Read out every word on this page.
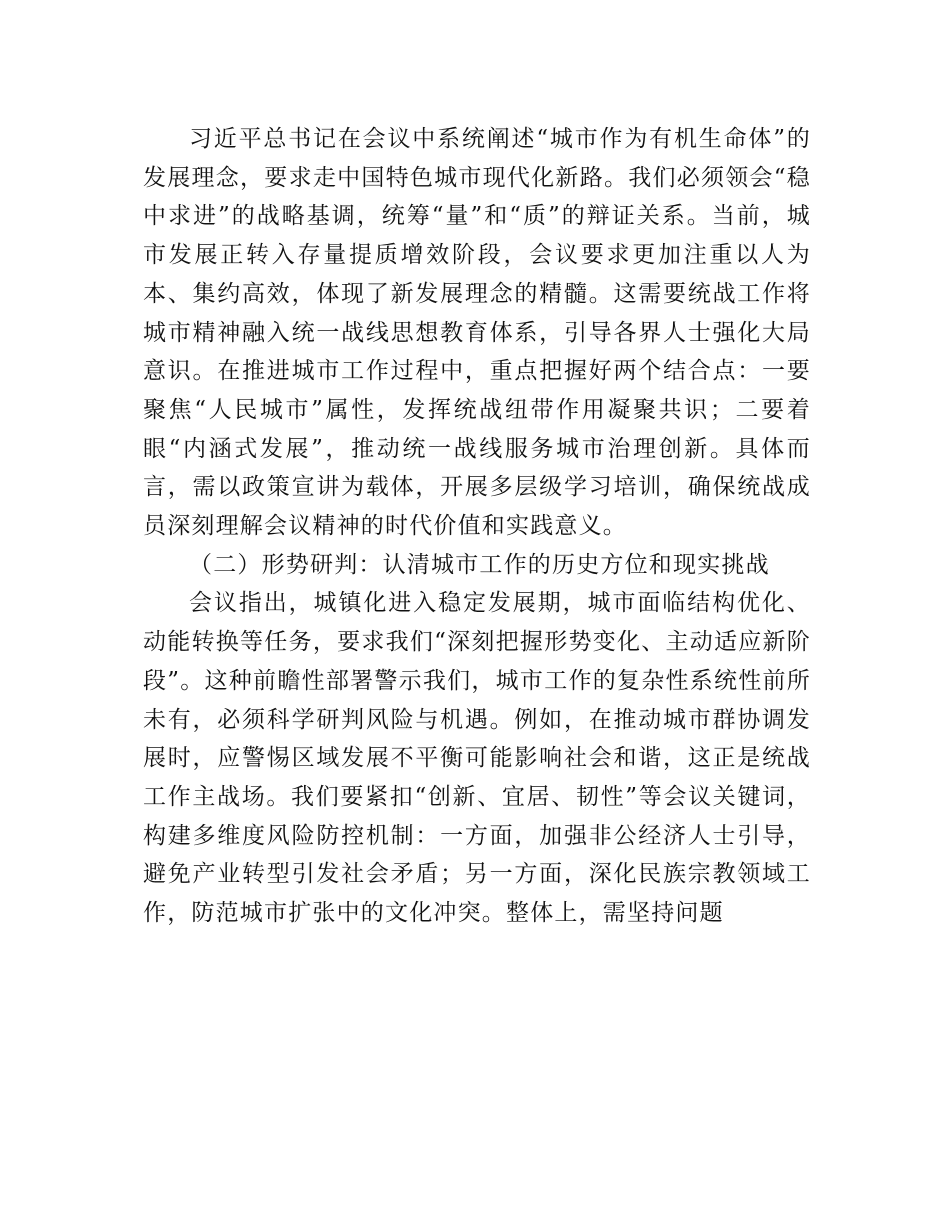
习近平总书记在会议中系统阐述“城市作为有机生命体”的发展理念，要求走中国特色城市现代化新路。我们必须领会“稳中求进”的战略基调，统筹“量”和“质”的辩证关系。当前，城市发展正转入存量提质增效阶段，会议要求更加注重以人为本、集约高效，体现了新发展理念的精髓。这需要统战工作将城市精神融入统一战线思想教育体系，引导各界人士强化大局意识。在推进城市工作过程中，重点把握好两个结合点：一要聚焦“人民城市”属性，发挥统战纽带作用凝聚共识；二要着眼“内涵式发展”，推动统一战线服务城市治理创新。具体而言，需以政策宣讲为载体，开展多层级学习培训，确保统战成员深刻理解会议精神的时代价值和实践意义。

（二）形势研判：认清城市工作的历史方位和现实挑战

会议指出，城镇化进入稳定发展期，城市面临结构优化、动能转换等任务，要求我们“深刻把握形势变化、主动适应新阶段”。这种前瞻性部署警示我们，城市工作的复杂性系统性前所未有，必须科学研判风险与机遇。例如，在推动城市群协调发展时，应警惕区域发展不平衡可能影响社会和谐，这正是统战工作主战场。我们要紧扣“创新、宜居、韧性”等会议关键词，构建多维度风险防控机制：一方面，加强非公经济人士引导，避免产业转型引发社会矛盾；另一方面，深化民族宗教领域工作，防范城市扩张中的文化冲突。整体上，需坚持问题
